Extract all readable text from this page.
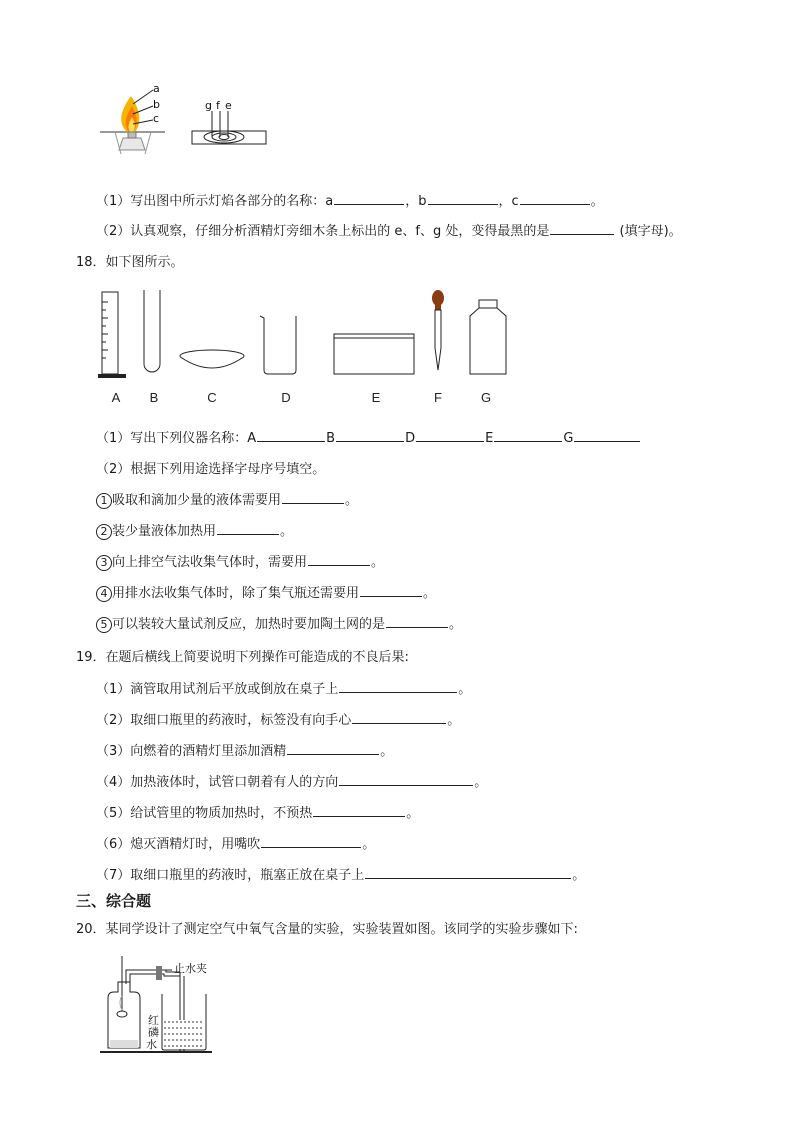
a
b
c
g f e
（1）写出图中所示灯焰各部分的名称：a	，b	，c	。
（2）认真观察，仔细分析酒精灯旁细木条上标出的 e、f、g 处，变得最黑的是	(填字母)。
18．如下图所示。
A	B	C	D	E	F	G
（1）写出下列仪器名称：A	B	D	E	G
（2）根据下列用途选择字母序号填空。
1 吸取和滴加少量的液体需要用	。
2 装少量液体加热用	。
3 向上排空气法收集气体时，需要用	。
4 用排水法收集气体时，除了集气瓶还需要用	。
5 可以装较大量试剂反应，加热时要加陶土网的是	。
19．在题后横线上简要说明下列操作可能造成的不良后果:
（1）滴管取用试剂后平放或倒放在桌子上	。
（2）取细口瓶里的药液时，标签没有向手心	。
（3）向燃着的酒精灯里添加酒精	。
（4）加热液体时，试管口朝着有人的方向	。
（5）给试管里的物质加热时，不预热	。
（6）熄灭酒精灯时，用嘴吹	。
（7）取细口瓶里的药液时，瓶塞正放在桌子上	。
三、综合题
20．某同学设计了测定空气中氧气含量的实验，实验装置如图。该同学的实验步骤如下:
止水夹
红
磷
水
